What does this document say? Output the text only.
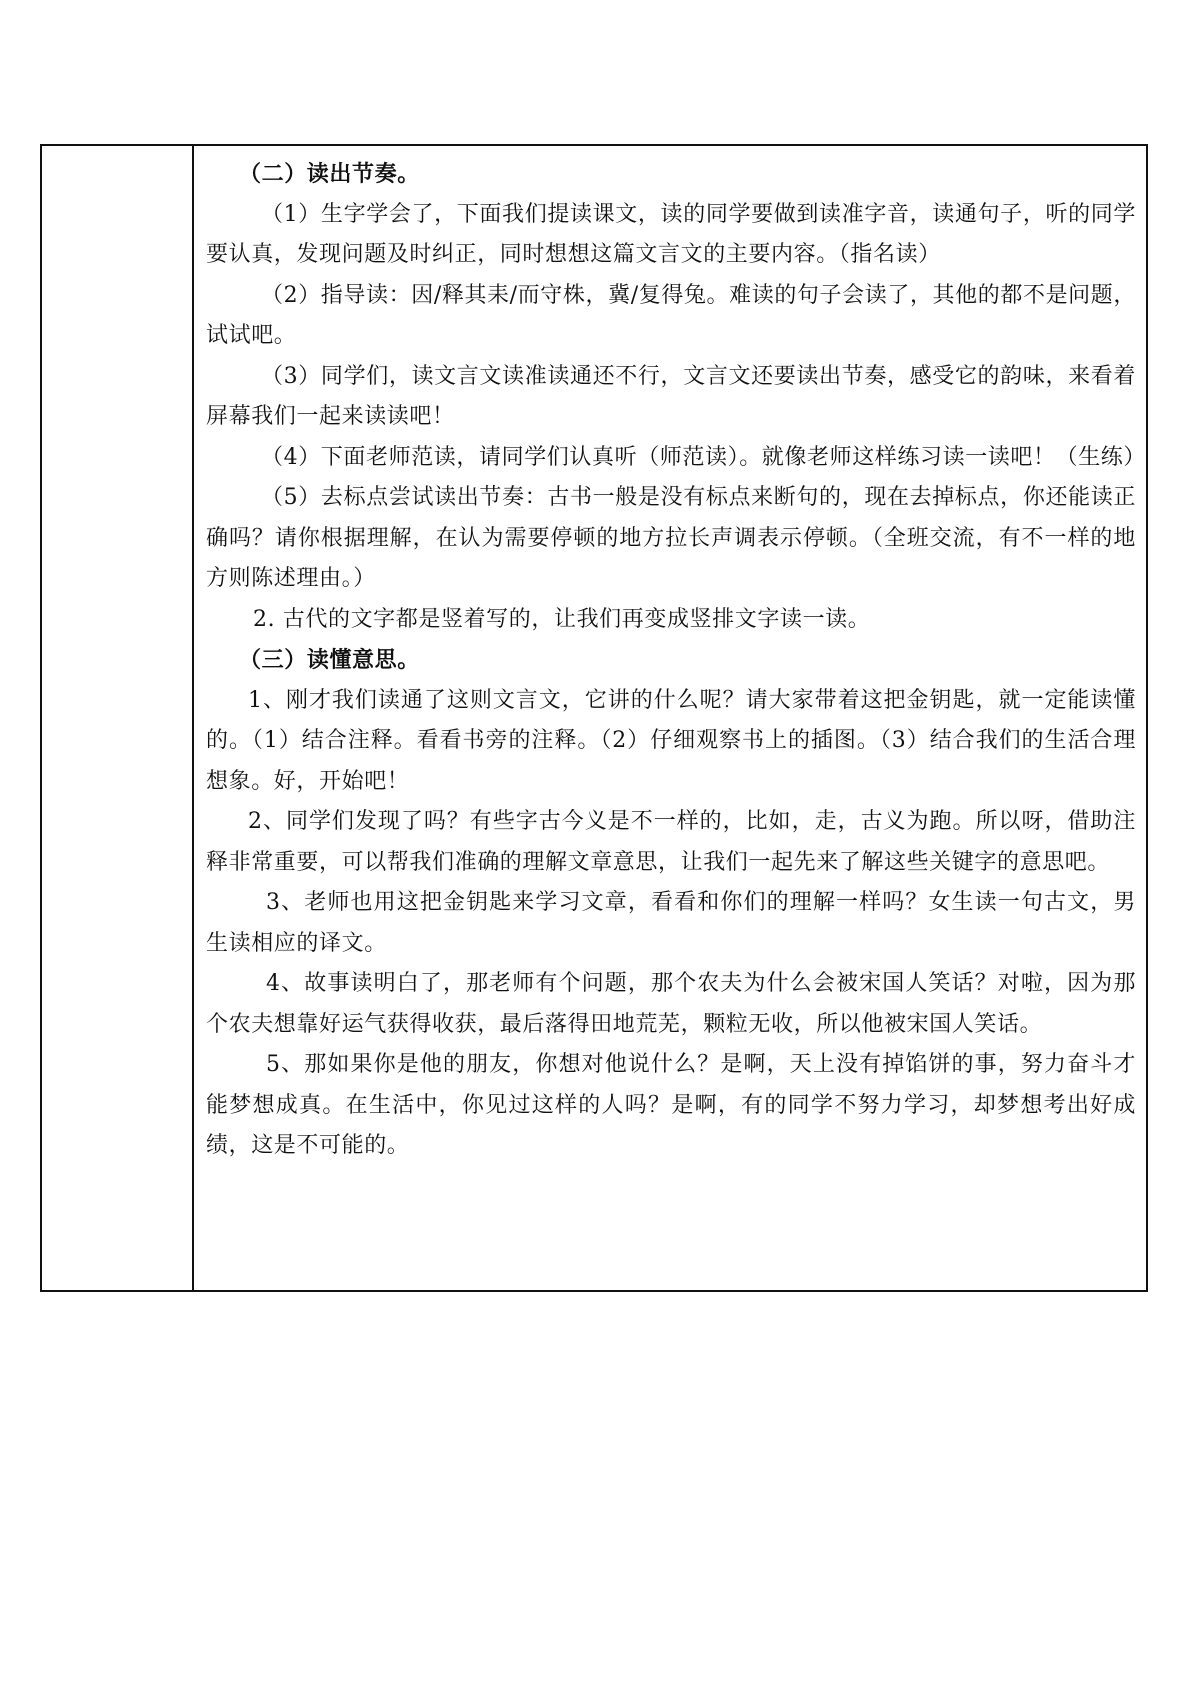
（二）读出节奏。

（1）生字学会了，下面我们提读课文，读的同学要做到读准字音，读通句子，听的同学要认真，发现问题及时纠正，同时想想这篇文言文的主要内容。（指名读）

（2）指导读：因/释其耒/而守株，冀/复得兔。难读的句子会读了，其他的都不是问题，试试吧。

（3）同学们，读文言文读准读通还不行，文言文还要读出节奏，感受它的韵味，来看着屏幕我们一起来读读吧！

（4）下面老师范读，请同学们认真听（师范读）。就像老师这样练习读一读吧！（生练）

（5）去标点尝试读出节奏：古书一般是没有标点来断句的，现在去掉标点，你还能读正确吗？请你根据理解，在认为需要停顿的地方拉长声调表示停顿。（全班交流，有不一样的地方则陈述理由。）

2. 古代的文字都是竖着写的，让我们再变成竖排文字读一读。

（三）读懂意思。

1、刚才我们读通了这则文言文，它讲的什么呢？请大家带着这把金钥匙，就一定能读懂的。（1）结合注释。看看书旁的注释。（2）仔细观察书上的插图。（3）结合我们的生活合理想象。好，开始吧！

2、同学们发现了吗？有些字古今义是不一样的，比如，走，古义为跑。所以呀，借助注释非常重要，可以帮我们准确的理解文章意思，让我们一起先来了解这些关键字的意思吧。

3、老师也用这把金钥匙来学习文章，看看和你们的理解一样吗？女生读一句古文，男生读相应的译文。

4、故事读明白了，那老师有个问题，那个农夫为什么会被宋国人笑话？对啦，因为那个农夫想靠好运气获得收获，最后落得田地荒芜，颗粒无收，所以他被宋国人笑话。

5、那如果你是他的朋友，你想对他说什么？是啊，天上没有掉馅饼的事，努力奋斗才能梦想成真。在生活中，你见过这样的人吗？是啊，有的同学不努力学习，却梦想考出好成绩，这是不可能的。
